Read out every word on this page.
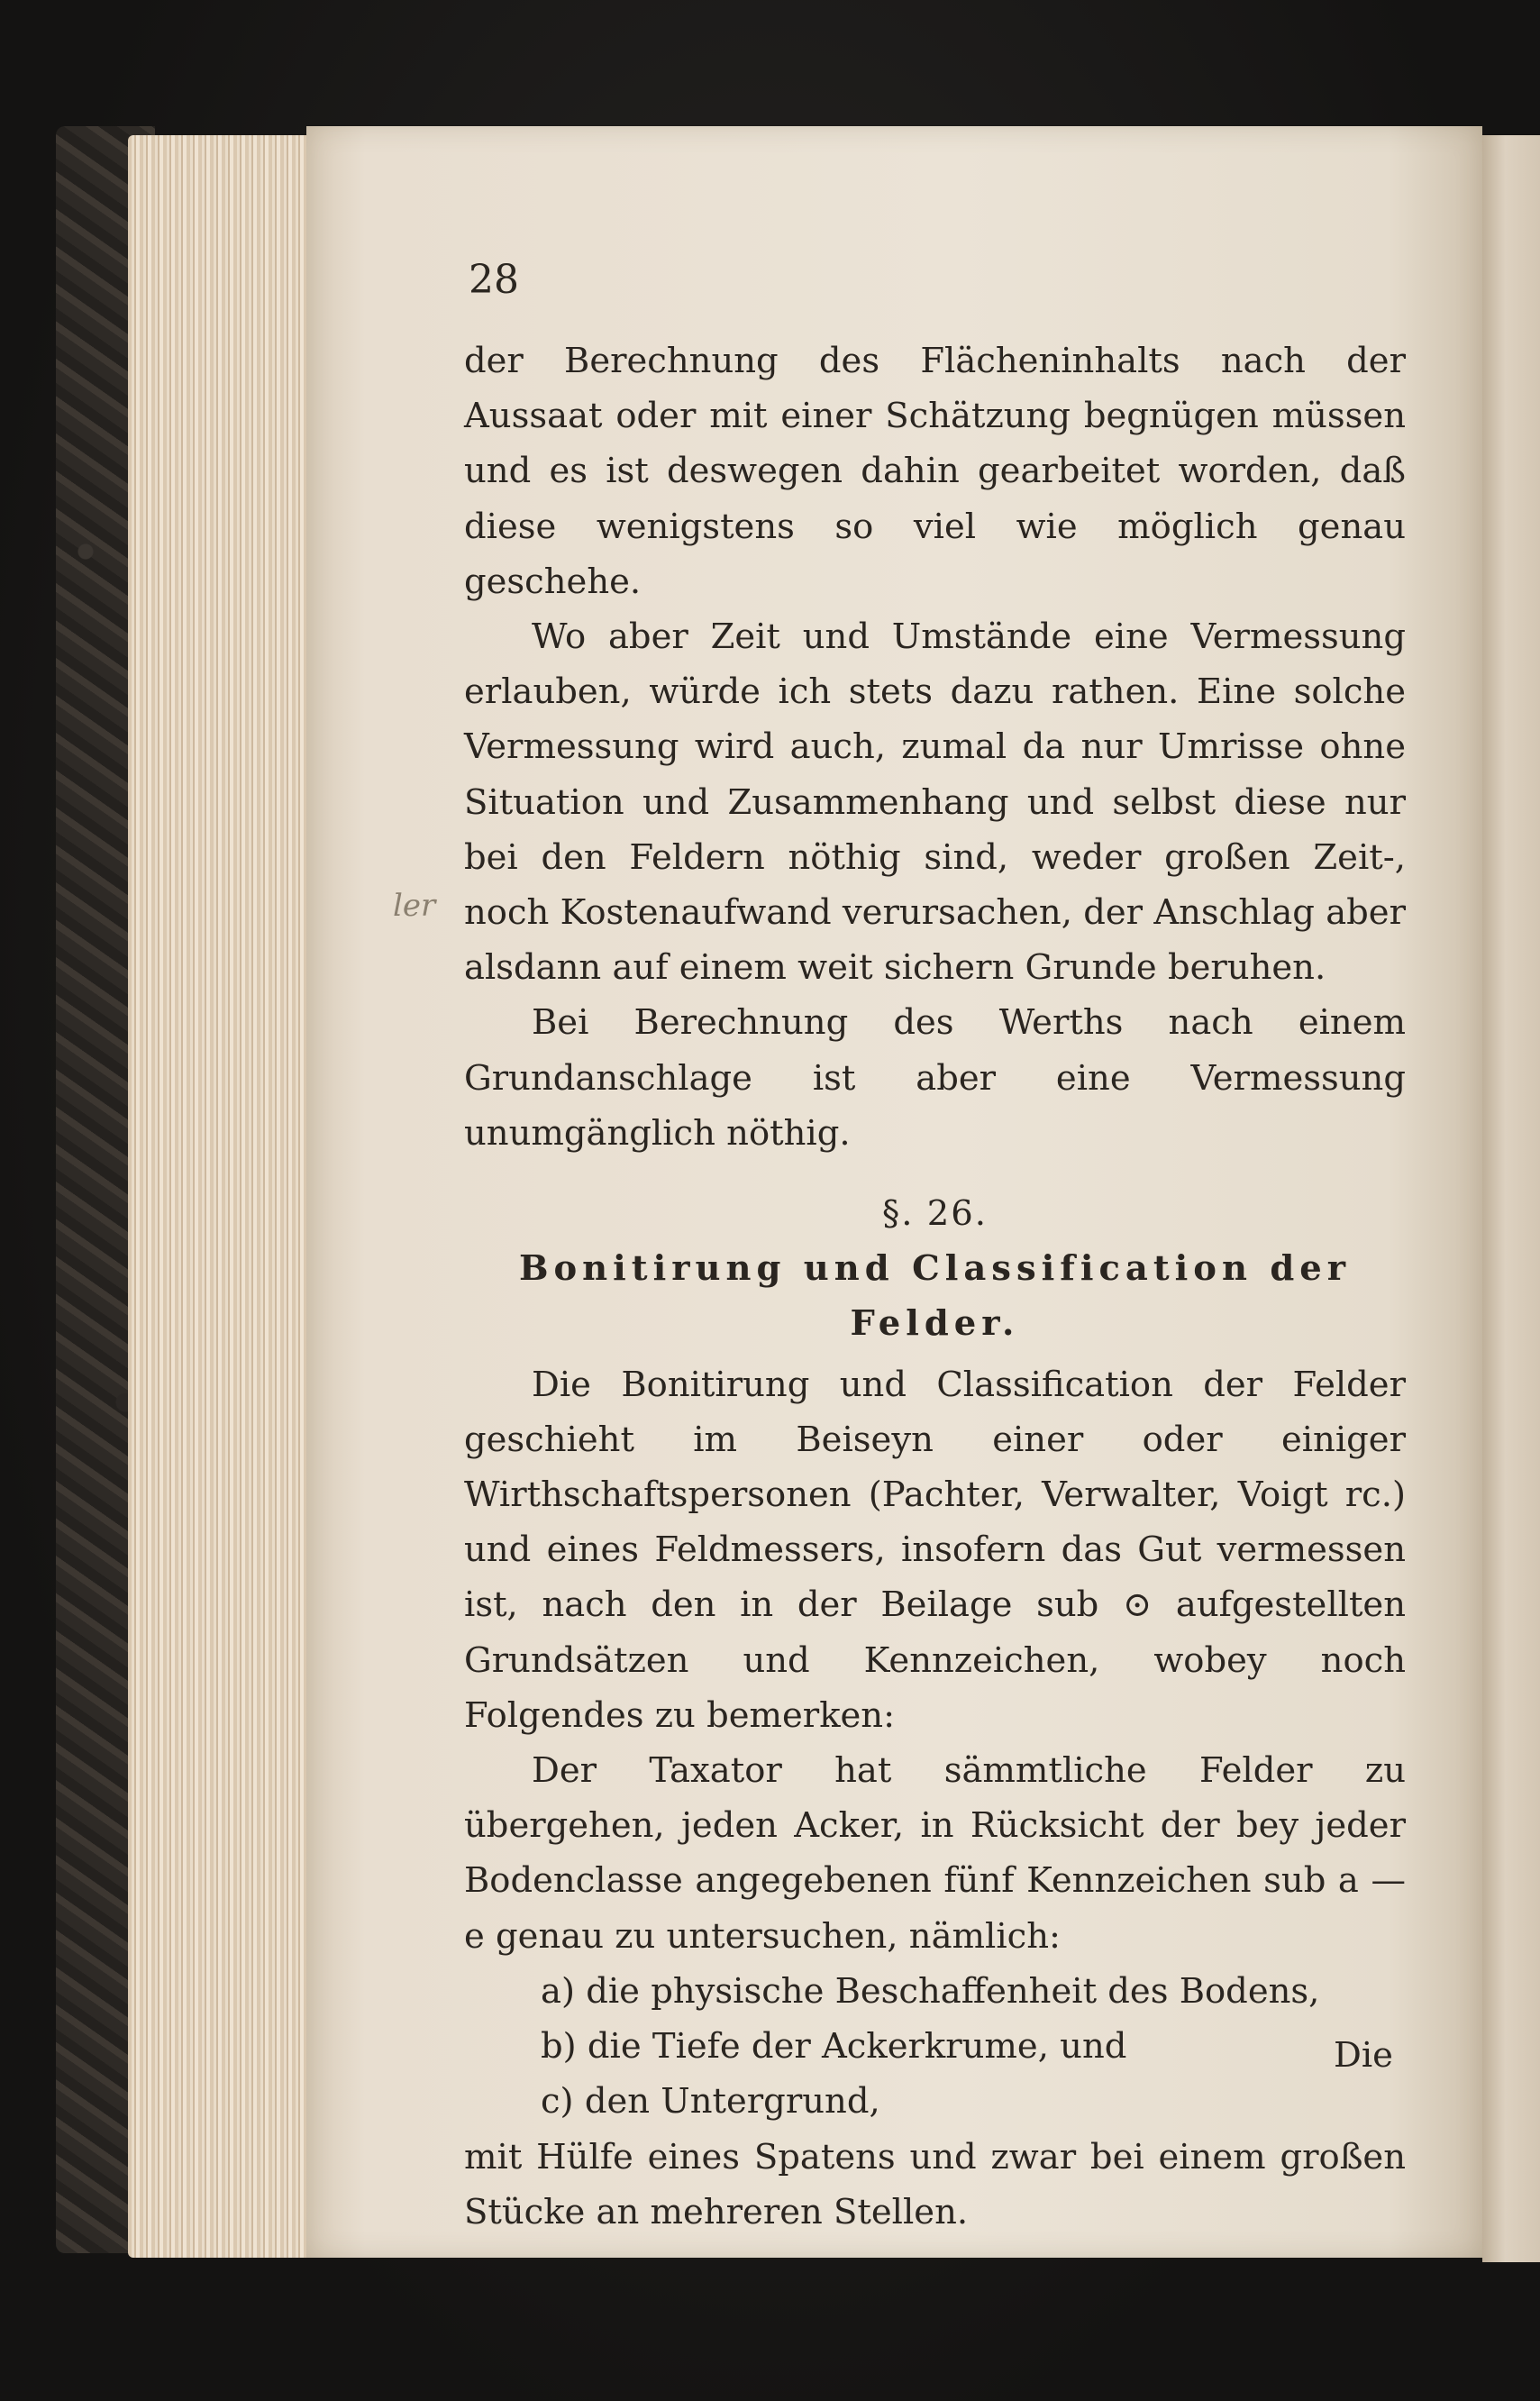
28

ler

der Berechnung des Flächeninhalts nach der Aussaat oder mit einer Schätzung begnügen müssen und es ist deswegen dahin gearbeitet worden, daß diese wenigstens so viel wie möglich genau geschehe.

Wo aber Zeit und Umstände eine Vermessung erlauben, würde ich stets dazu rathen. Eine solche Vermessung wird auch, zumal da nur Umrisse ohne Situation und Zusammenhang und selbst diese nur bei den Feldern nöthig sind, weder großen Zeit-, noch Kostenaufwand verursachen, der Anschlag aber alsdann auf einem weit sichern Grunde beruhen.

Bei Berechnung des Werths nach einem Grundanschlage ist aber eine Vermessung unumgänglich nöthig.

§. 26.

Bonitirung und Classification der Felder.

Die Bonitirung und Classification der Felder geschieht im Beiseyn einer oder einiger Wirthschaftspersonen (Pachter, Verwalter, Voigt rc.) und eines Feldmessers, insofern das Gut vermessen ist, nach den in der Beilage sub ⊙ aufgestellten Grundsätzen und Kennzeichen, wobey noch Folgendes zu bemerken:

Der Taxator hat sämmtliche Felder zu übergehen, jeden Acker, in Rücksicht der bey jeder Bodenclasse angegebenen fünf Kennzeichen sub a — e genau zu untersuchen, nämlich:

a) die physische Beschaffenheit des Bodens,

b) die Tiefe der Ackerkrume, und

c) den Untergrund,

mit Hülfe eines Spatens und zwar bei einem großen Stücke an mehreren Stellen.

Die
